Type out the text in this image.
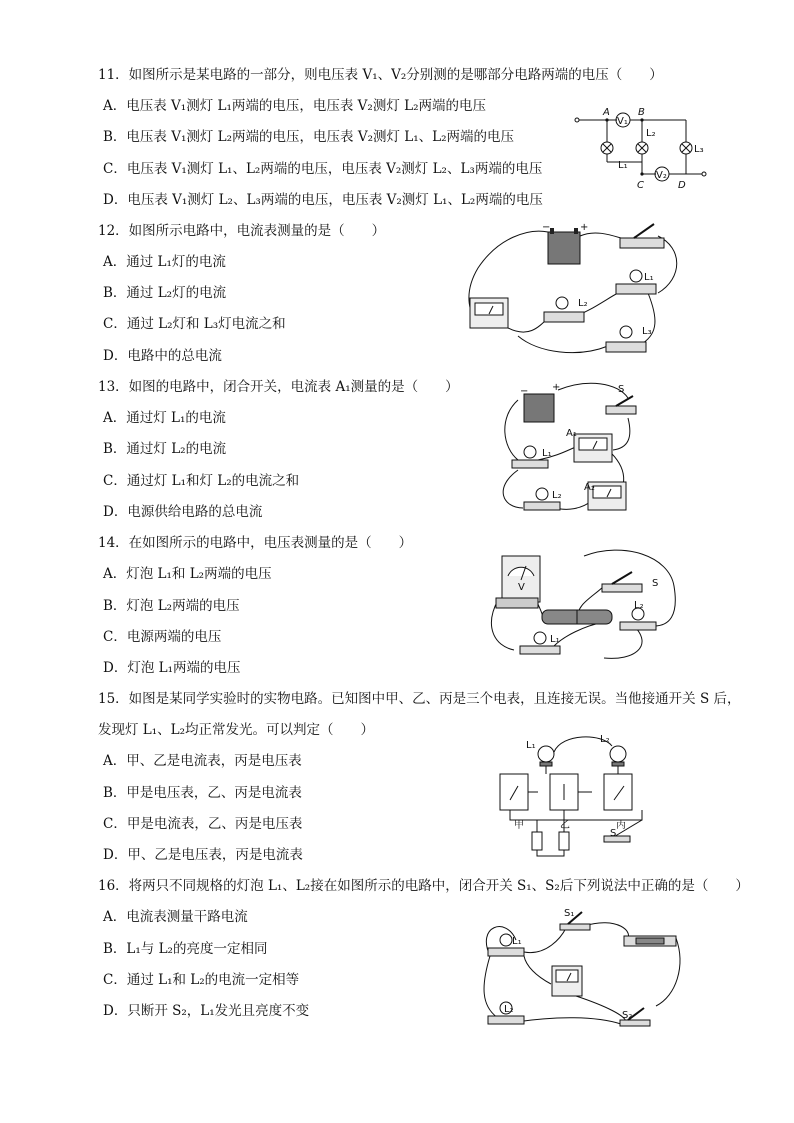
11．如图所示是某电路的一部分，则电压表 V₁、V₂分别测的是哪部分电路两端的电压（　　）
A．电压表 V₁测灯 L₁两端的电压，电压表 V₂测灯 L₂两端的电压
B．电压表 V₁测灯 L₂两端的电压，电压表 V₂测灯 L₁、L₂两端的电压
C．电压表 V₁测灯 L₁、L₂两端的电压，电压表 V₂测灯 L₂、L₃两端的电压
D．电压表 V₁测灯 L₂、L₃两端的电压，电压表 V₂测灯 L₁、L₂两端的电压
A	B
C	D
V₁
V₂
L₁
L₂
L₃
12．如图所示电路中，电流表测量的是（　　）
A．通过 L₁灯的电流
B．通过 L₂灯的电流
C．通过 L₂灯和 L₃灯电流之和
D．电路中的总电流
−	+
L₁
L₂
L₃
13．如图的电路中，闭合开关，电流表 A₁测量的是（　　）
A．通过灯 L₁的电流
B．通过灯 L₂的电流
C．通过灯 L₁和灯 L₂的电流之和
D．电源供给电路的总电流
− +	S
A₁
A₂
L₁
L₂
14．在如图所示的电路中，电压表测量的是（　　）
A．灯泡 L₁和 L₂两端的电压
B．灯泡 L₂两端的电压
C．电源两端的电压
D．灯泡 L₁两端的电压
V	S
L₂
L₁
15．如图是某同学实验时的实物电路。已知图中甲、乙、丙是三个电表，且连接无误。当他接通开关 S 后，
发现灯 L₁、L₂均正常发光。可以判定（　　）
A．甲、乙是电流表，丙是电压表
B．甲是电压表，乙、丙是电流表
C．甲是电流表，乙、丙是电压表
D．甲、乙是电压表，丙是电流表
L₁
L₂
甲	乙	丙
S
16．将两只不同规格的灯泡 L₁、L₂接在如图所示的电路中，闭合开关 S₁、S₂后下列说法中正确的是（　　）
A．电流表测量干路电流
B．L₁与 L₂的亮度一定相同
C．通过 L₁和 L₂的电流一定相等
D．只断开 S₂，L₁发光且亮度不变
S₁
L₁
L₂
S₂
